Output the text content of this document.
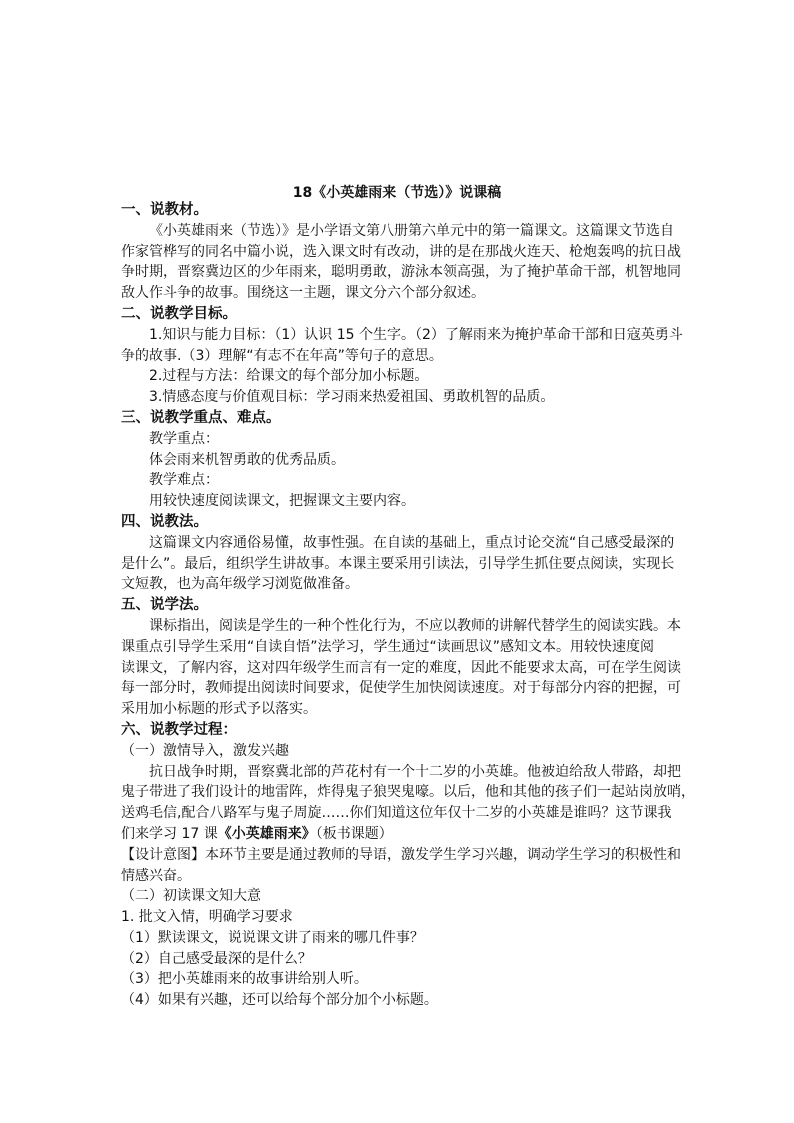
18《小英雄雨来（节选）》说课稿
一、说教材。
《小英雄雨来（节选）》是小学语文第八册第六单元中的第一篇课文。这篇课文节选自
作家管桦写的同名中篇小说，选入课文时有改动，讲的是在那战火连天、枪炮轰鸣的抗日战
争时期，晋察冀边区的少年雨来，聪明勇敢，游泳本领高强，为了掩护革命干部，机智地同
敌人作斗争的故事。围绕这一主题，课文分六个部分叙述。
二、说教学目标。
1.知识与能力目标：（1）认识 15 个生字。（2）了解雨来为掩护革命干部和日寇英勇斗
争的故事.（3）理解“有志不在年高”等句子的意思。
2.过程与方法：给课文的每个部分加小标题。
3.情感态度与价值观目标：学习雨来热爱祖国、勇敢机智的品质。
三、说教学重点、难点。
教学重点：
体会雨来机智勇敢的优秀品质。
教学难点：
用较快速度阅读课文，把握课文主要内容。
四、说教法。
这篇课文内容通俗易懂，故事性强。在自读的基础上，重点讨论交流“自己感受最深的
是什么”。最后，组织学生讲故事。本课主要采用引读法，引导学生抓住要点阅读，实现长
文短教，也为高年级学习浏览做准备。
五、说学法。
课标指出，阅读是学生的一种个性化行为，不应以教师的讲解代替学生的阅读实践。本
课重点引导学生采用“自读自悟”法学习，学生通过“读画思议”感知文本。用较快速度阅
读课文，了解内容，这对四年级学生而言有一定的难度，因此不能要求太高，可在学生阅读
每一部分时，教师提出阅读时间要求，促使学生加快阅读速度。对于每部分内容的把握，可
采用加小标题的形式予以落实。
六、说教学过程：
（一）激情导入，激发兴趣
抗日战争时期，晋察冀北部的芦花村有一个十二岁的小英雄。他被迫给敌人带路，却把
鬼子带进了我们设计的地雷阵，炸得鬼子狼哭鬼嚎。以后，他和其他的孩子们一起站岗放哨，
送鸡毛信,配合八路军与鬼子周旋……你们知道这位年仅十二岁的小英雄是谁吗？这节课我
们来学习 17 课《小英雄雨来》（板书课题）
【设计意图】本环节主要是通过教师的导语，激发学生学习兴趣，调动学生学习的积极性和
情感兴奋。
（二）初读课文知大意
1. 批文入情，明确学习要求
（1）默读课文，说说课文讲了雨来的哪几件事？
（2）自己感受最深的是什么？
（3）把小英雄雨来的故事讲给别人听。
（4）如果有兴趣，还可以给每个部分加个小标题。
